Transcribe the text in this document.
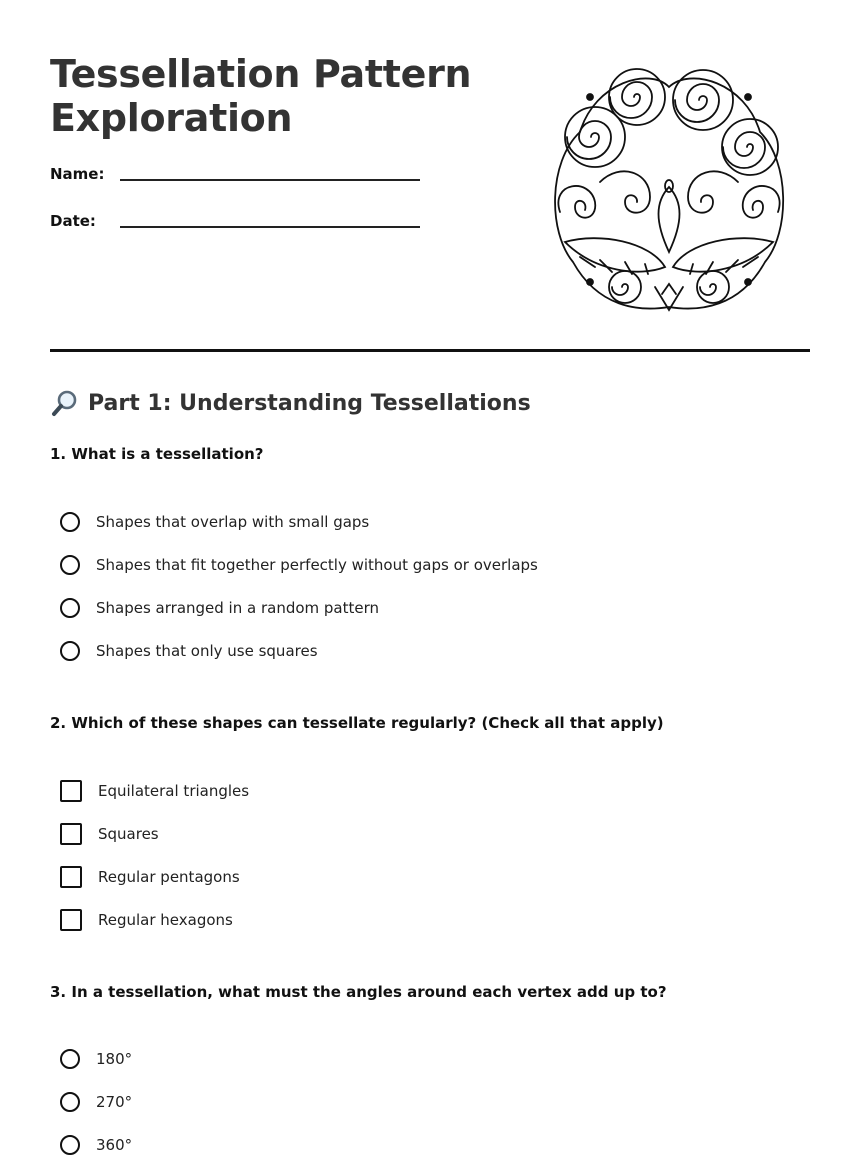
Tessellation Pattern Exploration
Name:
Date:
Part 1: Understanding Tessellations
1. What is a tessellation?
Shapes that overlap with small gaps
Shapes that fit together perfectly without gaps or overlaps
Shapes arranged in a random pattern
Shapes that only use squares
2. Which of these shapes can tessellate regularly? (Check all that apply)
Equilateral triangles
Squares
Regular pentagons
Regular hexagons
3. In a tessellation, what must the angles around each vertex add up to?
180°
270°
360°
